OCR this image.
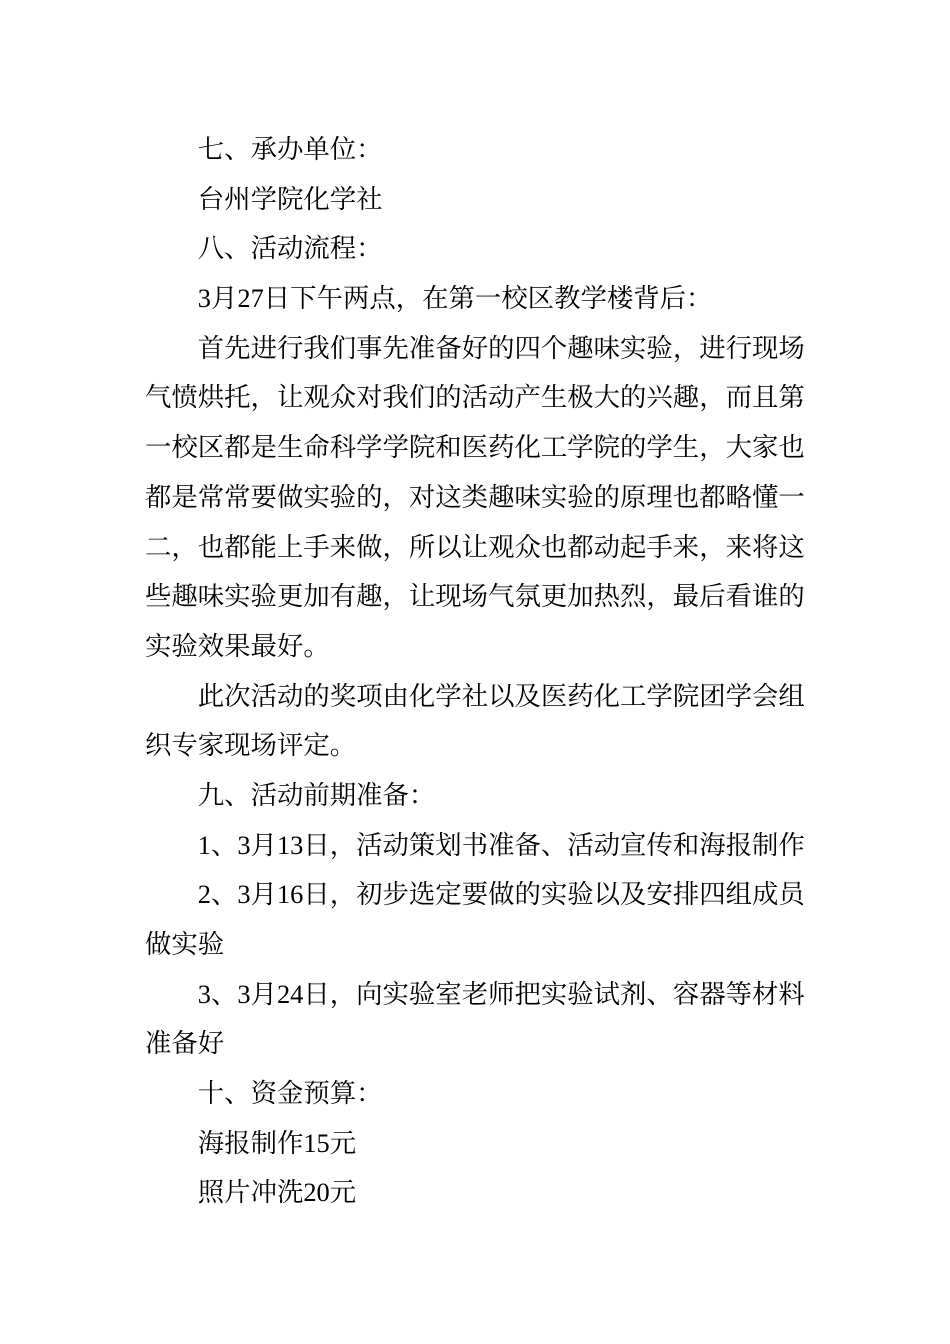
七、承办单位：
台州学院化学社
八、活动流程：
3月27日下午两点，在第一校区教学楼背后：
首先进行我们事先准备好的四个趣味实验，进行现场
气愤烘托，让观众对我们的活动产生极大的兴趣，而且第
一校区都是生命科学学院和医药化工学院的学生，大家也
都是常常要做实验的，对这类趣味实验的原理也都略懂一
二，也都能上手来做，所以让观众也都动起手来，来将这
些趣味实验更加有趣，让现场气氛更加热烈，最后看谁的
实验效果最好。
此次活动的奖项由化学社以及医药化工学院团学会组
织专家现场评定。
九、活动前期准备：
1、3月13日，活动策划书准备、活动宣传和海报制作
2、3月16日，初步选定要做的实验以及安排四组成员
做实验
3、3月24日，向实验室老师把实验试剂、容器等材料
准备好
十、资金预算：
海报制作15元
照片冲洗20元
